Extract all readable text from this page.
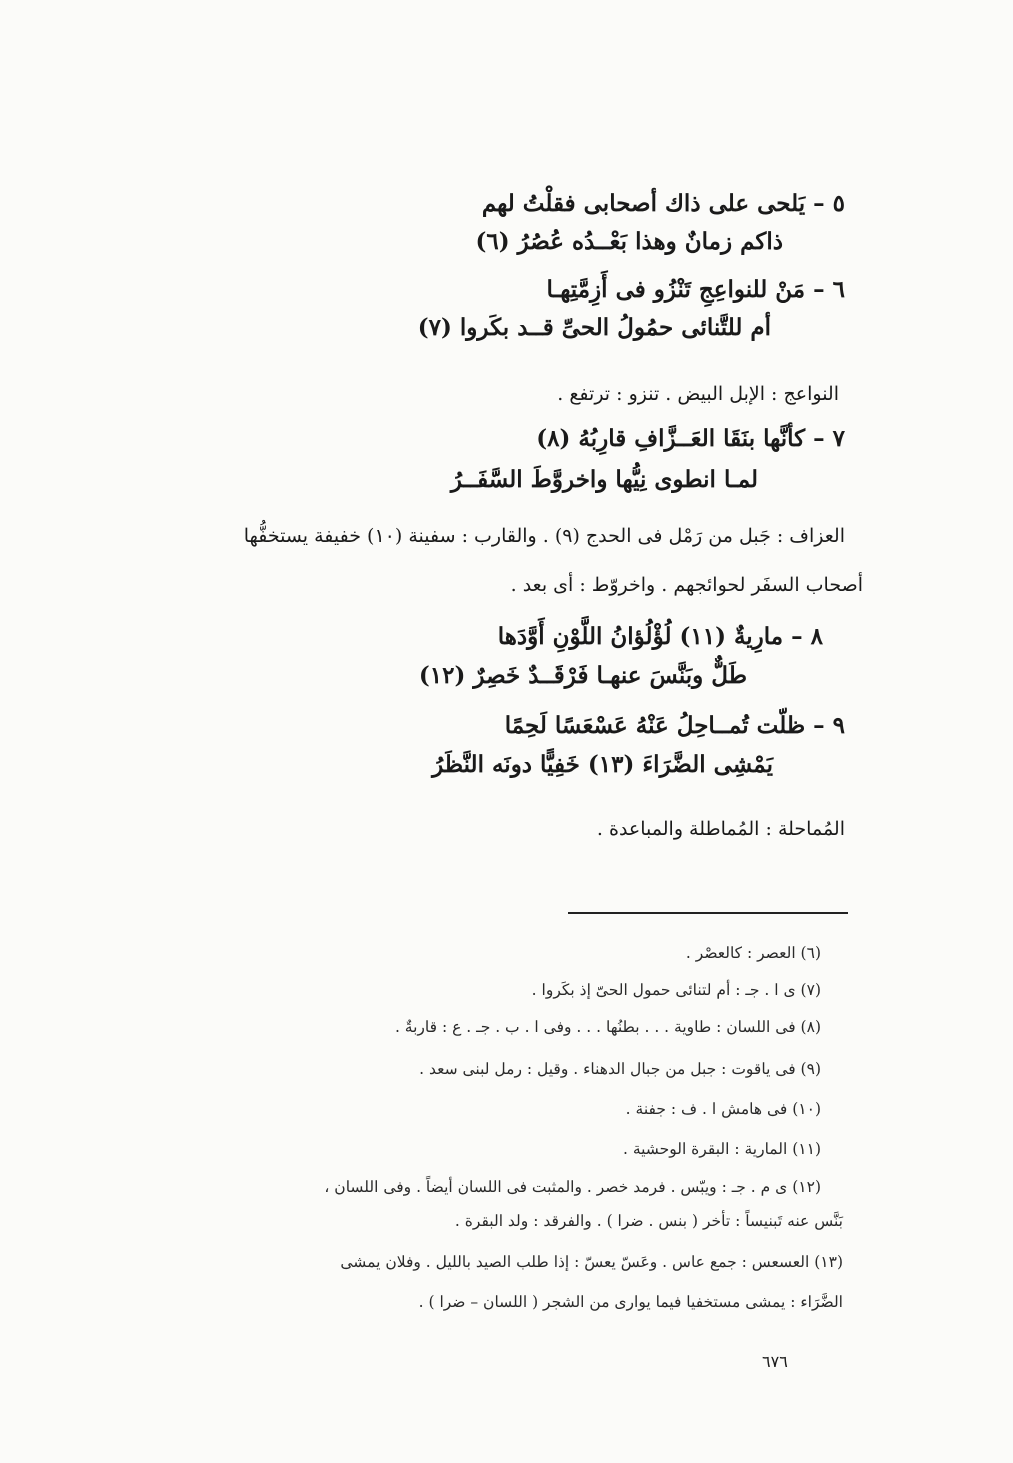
٥ – يَلحى على ذاك أصحابى فقلْتُ لهم
ذاكم زمانٌ وهذا بَعْــدُه عُصُرُ (٦)
٦ – مَنْ للنواعِجِ تَنْزُو فى أَزِمَّتِهـا
أم للتَّنائى حمُولُ الحىِّ قــد بكَروا (٧)
النواعج : الإبل البيض . تنزو : ترتفع .
٧ – كأنَّها بنَقَا العَــزَّافِ قارِبُهُ (٨)
لمـا انطوى نِيُّها واخروَّطَ السَّفَــرُ
العزاف : جَبل من رَمْل فى الحدج (٩) . والقارب : سفينة (١٠) خفيفة يستخفُّها
أصحاب السفَر لحوائجهم . واخروّط : أى بعد .
٨ – مارِيةٌ (١١) لُؤْلُؤانُ اللَّوْنِ أَوَّدَها
طَلٌّ وبَنَّسَ عنهـا فَرْقَــدٌ خَصِرٌ (١٢)
٩ – ظلّت تُمــاحِلُ عَنْهُ عَسْعَسًا لَحِمًا
يَمْشِى الضَّرَاءَ (١٣) خَفِيًّا دونَه النَّظَرُ
المُماحلة : المُماطلة والمباعدة .
(٦) العصر : كالعصْر .
(٧) ى ا . جـ : أم لتنائى حمول الحىّ إذ بكَروا .
(٨) فى اللسان : طاوية . . . بطنُها . . . وفى ا . ب . جـ . ع : قاربةٌ .
(٩) فى ياقوت : جبل من جبال الدهناء . وقيل : رمل لبنى سعد .
(١٠) فى هامش ا . ف : جفنة .
(١١) المارية : البقرة الوحشية .
(١٢) ى م . جـ : ويبّس . فرمد خصر . والمثبت فى اللسان أيضاً . وفى اللسان ،
بَنَّس عنه تَبنيساً : تأخر ( بنس . ضرا ) . والفرقد : ولد البقرة .
(١٣) العسعس : جمع عاس . وعَسّ يعسّ : إذا طلب الصيد بالليل . وفلان يمشى
الضَّرَاء : يمشى مستخفيا فيما يوارى من الشجر ( اللسان – ضرا ) .
٦٧٦
